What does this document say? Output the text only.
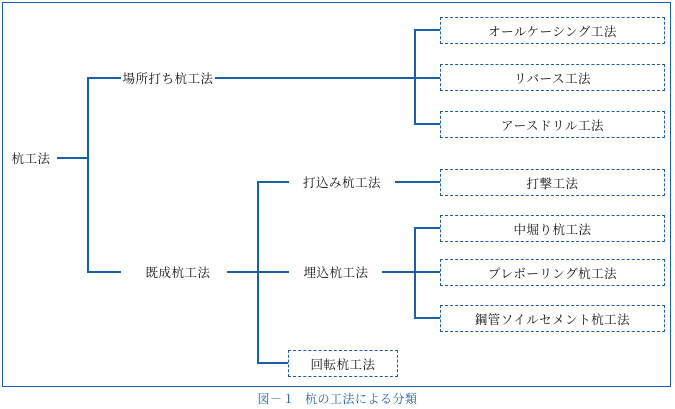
杭工法
場所打ち杭工法
既成杭工法
打込み杭工法
埋込杭工法
回転杭工法
オールケーシング工法
リバース工法
アースドリル工法
打撃工法
中堀り杭工法
プレボーリング杭工法
鋼管ソイルセメント杭工法
図－１ 杭の工法による分類
